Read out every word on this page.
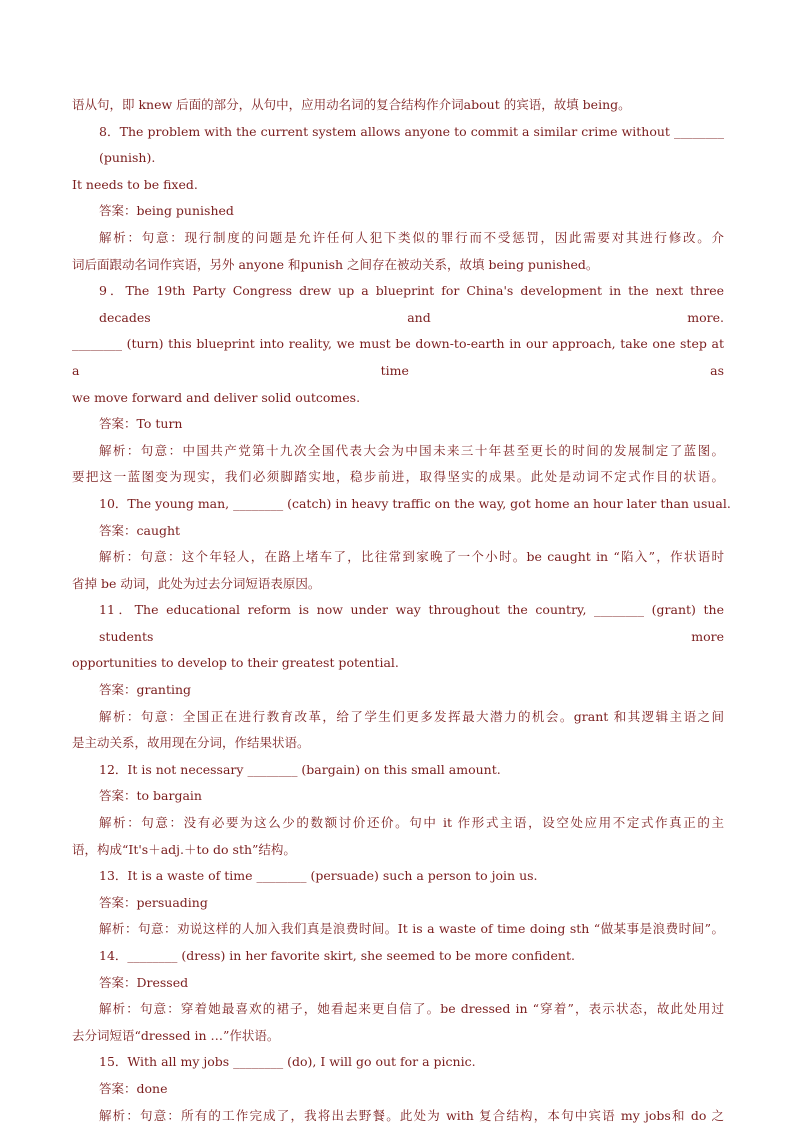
语从句，即 knew 后面的部分，从句中，应用动名词的复合结构作介词about 的宾语，故填 being。
8．The problem with the current system allows anyone to commit a similar crime without ________ (punish).
It needs to be fixed.
答案：being punished
解析：句意：现行制度的问题是允许任何人犯下类似的罪行而不受惩罚，因此需要对其进行修改。介
词后面跟动名词作宾语，另外 anyone 和punish 之间存在被动关系，故填 being punished。
9．The 19th Party Congress drew up a blueprint for China's development in the next three decades and more.
________ (turn) this blueprint into reality, we must be down-to-earth in our approach, take one step at a time as
we move forward and deliver solid outcomes.
答案：To turn
解析：句意：中国共产党第十九次全国代表大会为中国未来三十年甚至更长的时间的发展制定了蓝图。
要把这一蓝图变为现实，我们必须脚踏实地，稳步前进，取得坚实的成果。此处是动词不定式作目的状语。
10．The young man, ________ (catch) in heavy traffic on the way, got home an hour later than usual.
答案：caught
解析：句意：这个年轻人，在路上堵车了，比往常到家晚了一个小时。be caught in “陷入”，作状语时
省掉 be 动词，此处为过去分词短语表原因。
11．The educational reform is now under way throughout the country, ________ (grant) the students more
opportunities to develop to their greatest potential.
答案：granting
解析：句意：全国正在进行教育改革，给了学生们更多发挥最大潜力的机会。grant 和其逻辑主语之间
是主动关系，故用现在分词，作结果状语。
12．It is not necessary ________ (bargain) on this small amount.
答案：to bargain
解析：句意：没有必要为这么少的数额讨价还价。句中 it 作形式主语，设空处应用不定式作真正的主
语，构成“It's＋adj.＋to do sth”结构。
13．It is a waste of time ________ (persuade) such a person to join us.
答案：persuading
解析：句意：劝说这样的人加入我们真是浪费时间。It is a waste of time doing sth “做某事是浪费时间”。
14．________ (dress) in her favorite skirt, she seemed to be more confident.
答案：Dressed
解析：句意：穿着她最喜欢的裙子，她看起来更自信了。be dressed in “穿着”，表示状态，故此处用过
去分词短语“dressed in …”作状语。
15．With all my jobs ________ (do), I will go out for a picnic.
答案：done
解析：句意：所有的工作完成了，我将出去野餐。此处为 with 复合结构，本句中宾语 my jobs和 do 之
